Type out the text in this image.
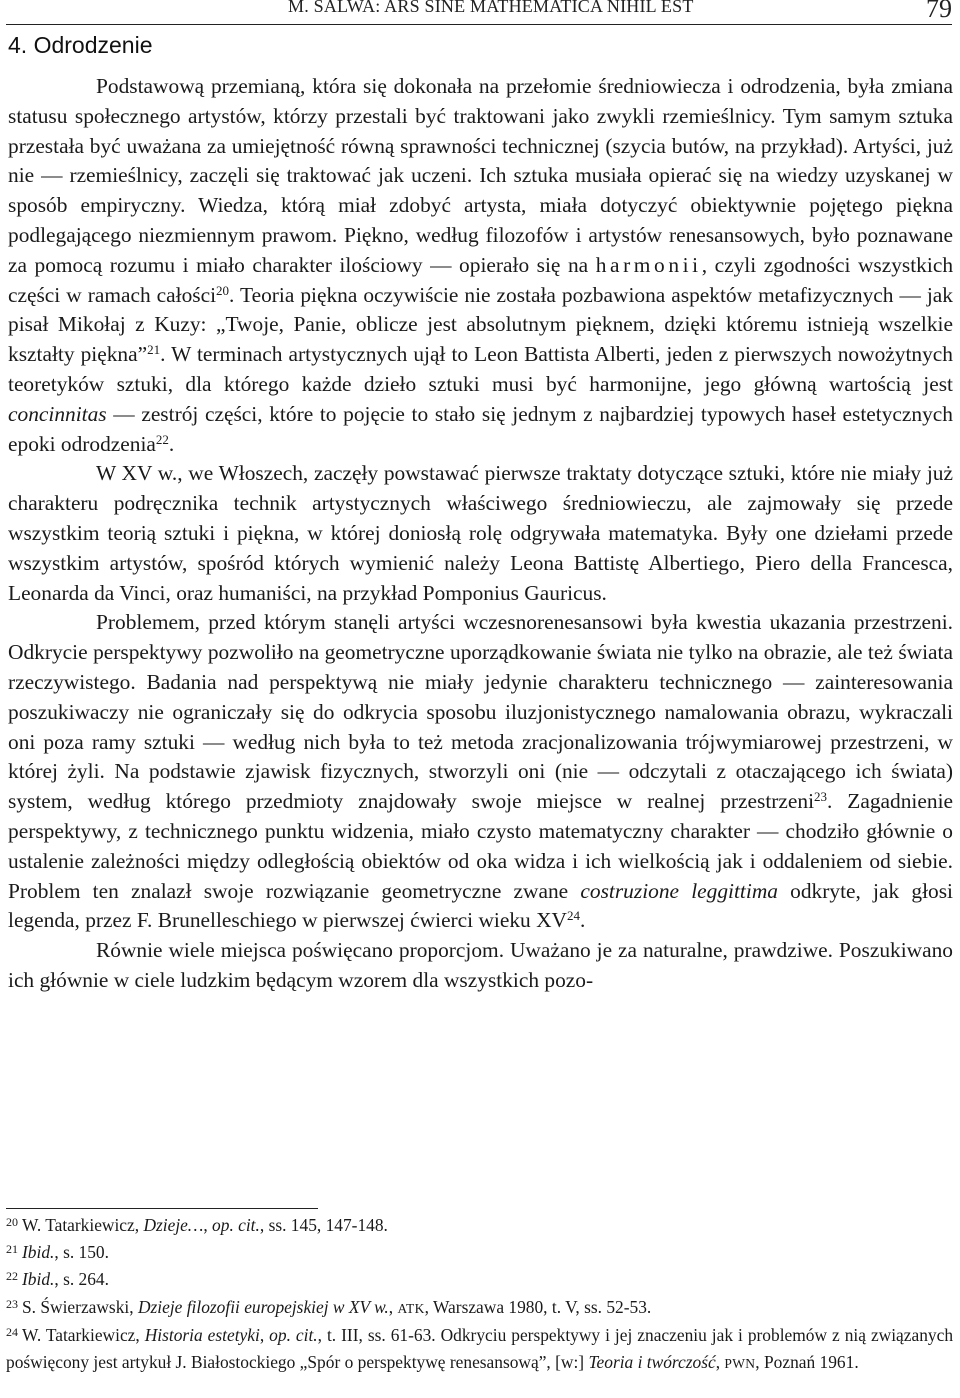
M. SALWA: ARS SINE MATHEMATICA NIHIL EST	79
4. Odrodzenie

Podstawową przemianą, która się dokonała na przełomie średniowiecza i odrodzenia, była zmiana statusu społecznego artystów, którzy przestali być traktowani jako zwykli rzemieślnicy. Tym samym sztuka przestała być uważana za umiejętność równą sprawności technicznej (szycia butów, na przykład). Artyści, już nie — rzemieślnicy, zaczęli się traktować jak uczeni. Ich sztuka musiała opierać się na wiedzy uzyskanej w sposób empiryczny. Wiedza, którą miał zdobyć artysta, miała dotyczyć obiektywnie pojętego piękna podlegającego niezmiennym prawom. Piękno, według filozofów i artystów renesansowych, było poznawane za pomocą rozumu i miało charakter ilościowy — opierało się na harmonii, czyli zgodności wszystkich części w ramach całości$^{20}$. Teoria piękna oczywiście nie została pozbawiona aspektów metafizycznych — jak pisał Mikołaj z Kuzy: „Twoje, Panie, oblicze jest absolutnym pięknem, dzięki któremu istnieją wszelkie kształty piękna”$^{21}$. W terminach artystycznych ujął to Leon Battista Alberti, jeden z pierwszych nowożytnych teoretyków sztuki, dla którego każde dzieło sztuki musi być harmonijne, jego główną wartością jest concinnitas — zestrój części, które to pojęcie to stało się jednym z najbardziej typowych haseł estetycznych epoki odrodzenia$^{22}$.

W XV w., we Włoszech, zaczęły powstawać pierwsze traktaty dotyczące sztuki, które nie miały już charakteru podręcznika technik artystycznych właściwego średniowieczu, ale zajmowały się przede wszystkim teorią sztuki i piękna, w której doniosłą rolę odgrywała matematyka. Były one dziełami przede wszystkim artystów, spośród których wymienić należy Leona Battistę Albertiego, Piero della Francesca, Leonarda da Vinci, oraz humaniści, na przykład Pomponius Gauricus.

Problemem, przed którym stanęli artyści wczesnorenesansowi była kwestia ukazania przestrzeni. Odkrycie perspektywy pozwoliło na geometryczne uporządkowanie świata nie tylko na obrazie, ale też świata rzeczywistego. Badania nad perspektywą nie miały jedynie charakteru technicznego — zainteresowania poszukiwaczy nie ograniczały się do odkrycia sposobu iluzjonistycznego namalowania obrazu, wykraczali oni poza ramy sztuki — według nich była to też metoda zracjonalizowania trójwymiarowej przestrzeni, w której żyli. Na podstawie zjawisk fizycznych, stworzyli oni (nie — odczytali z otaczającego ich świata) system, według którego przedmioty znajdowały swoje miejsce w realnej przestrzeni$^{23}$. Zagadnienie perspektywy, z technicznego punktu widzenia, miało czysto matematyczny charakter — chodziło głównie o ustalenie zależności między odległością obiektów od oka widza i ich wielkością jak i oddaleniem od siebie. Problem ten znalazł swoje rozwiązanie geometryczne zwane costruzione leggittima odkryte, jak głosi legenda, przez F. Brunelleschiego w pierwszej ćwierci wieku XV$^{24}$.

Równie wiele miejsca poświęcano proporcjom. Uważano je za naturalne, prawdziwe. Poszukiwano ich głównie w ciele ludzkim będącym wzorem dla wszystkich pozo-

$^{20}$ W. Tatarkiewicz, Dzieje…, op. cit., ss. 145, 147-148.

$^{21}$ Ibid., s. 150.

$^{22}$ Ibid., s. 264.

$^{23}$ S. Świerzawski, Dzieje filozofii europejskiej w XV w., ATK, Warszawa 1980, t. V, ss. 52-53.

$^{24}$ W. Tatarkiewicz, Historia estetyki, op. cit., t. III, ss. 61-63. Odkryciu perspektywy i jej znaczeniu jak i problemów z nią związanych poświęcony jest artykuł J. Białostockiego „Spór o perspektywę renesansową”, [w:] Teoria i twórczość, PWN, Poznań 1961.
